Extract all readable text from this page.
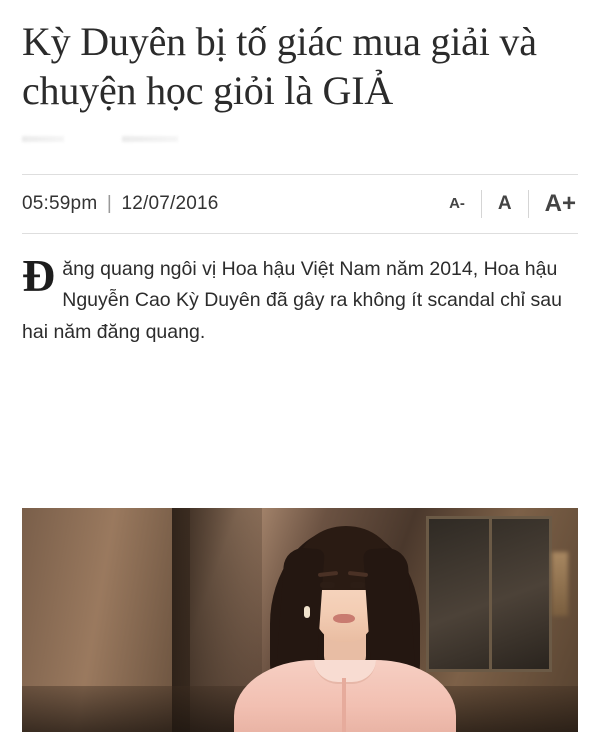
Kỳ Duyên bị tố giác mua giải và chuyện học giỏi là GIẢ
05:59pm | 12/07/2016	A-	A	A+

Đăng quang ngôi vị Hoa hậu Việt Nam năm 2014, Hoa hậu Nguyễn Cao Kỳ Duyên đã gây ra không ít scandal chỉ sau hai năm đăng quang.
